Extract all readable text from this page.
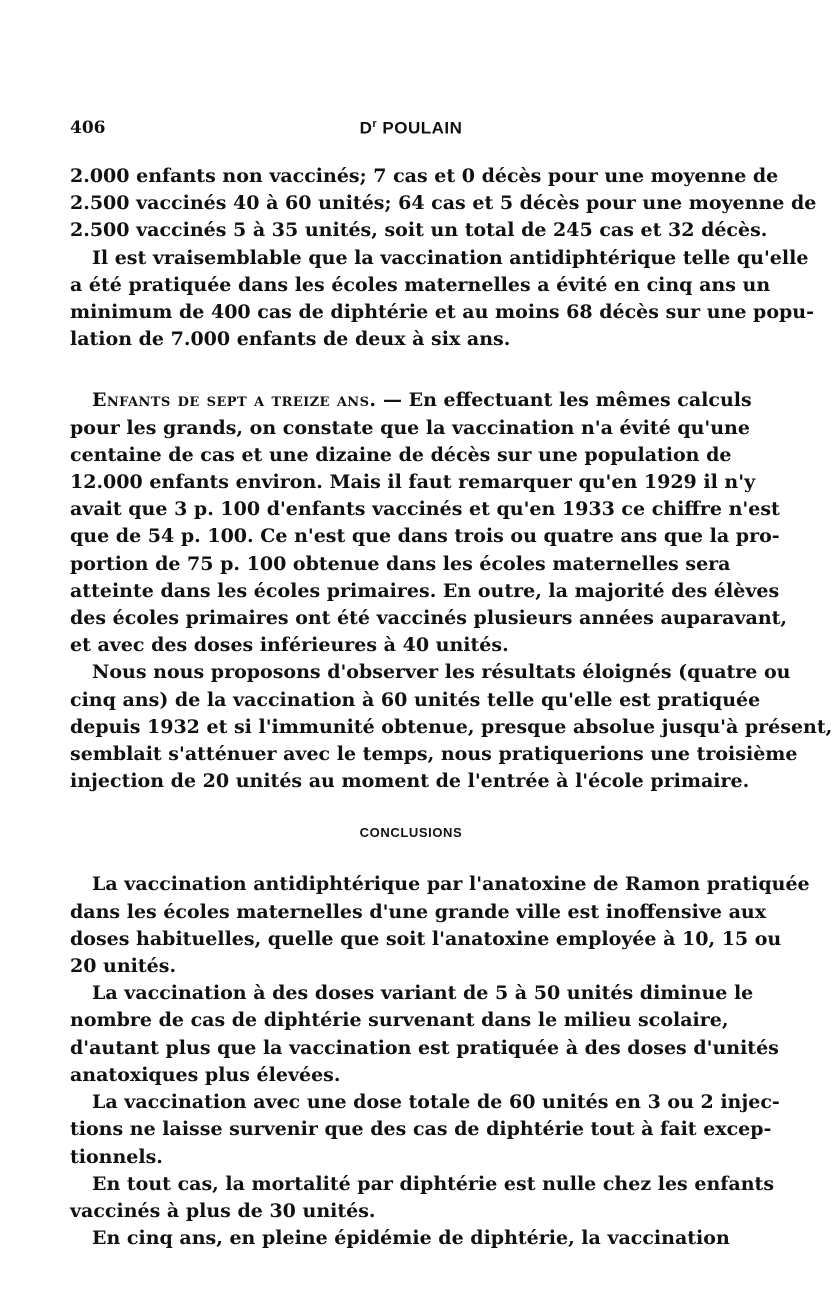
406	$D^r$ POULAIN

2.000 enfants non vaccinés; 7 cas et 0 décès pour une moyenne de
2.500 vaccinés 40 à 60 unités; 64 cas et 5 décès pour une moyenne de
2.500 vaccinés 5 à 35 unités, soit un total de 245 cas et 32 décès.

Il est vraisemblable que la vaccination antidiphtérique telle qu'elle
a été pratiquée dans les écoles maternelles a évité en cinq ans un
minimum de 400 cas de diphtérie et au moins 68 décès sur une popu-
lation de 7.000 enfants de deux à six ans.

Enfants de sept a treize ans. — En effectuant les mêmes calculs
pour les grands, on constate que la vaccination n'a évité qu'une
centaine de cas et une dizaine de décès sur une population de
12.000 enfants environ. Mais il faut remarquer qu'en 1929 il n'y
avait que 3 p. 100 d'enfants vaccinés et qu'en 1933 ce chiffre n'est
que de 54 p. 100. Ce n'est que dans trois ou quatre ans que la pro-
portion de 75 p. 100 obtenue dans les écoles maternelles sera
atteinte dans les écoles primaires. En outre, la majorité des élèves
des écoles primaires ont été vaccinés plusieurs années auparavant,
et avec des doses inférieures à 40 unités.

Nous nous proposons d'observer les résultats éloignés (quatre ou
cinq ans) de la vaccination à 60 unités telle qu'elle est pratiquée
depuis 1932 et si l'immunité obtenue, presque absolue jusqu'à présent,
semblait s'atténuer avec le temps, nous pratiquerions une troisième
injection de 20 unités au moment de l'entrée à l'école primaire.

CONCLUSIONS

La vaccination antidiphtérique par l'anatoxine de Ramon pratiquée
dans les écoles maternelles d'une grande ville est inoffensive aux
doses habituelles, quelle que soit l'anatoxine employée à 10, 15 ou
20 unités.

La vaccination à des doses variant de 5 à 50 unités diminue le
nombre de cas de diphtérie survenant dans le milieu scolaire,
d'autant plus que la vaccination est pratiquée à des doses d'unités
anatoxiques plus élevées.

La vaccination avec une dose totale de 60 unités en 3 ou 2 injec-
tions ne laisse survenir que des cas de diphtérie tout à fait excep-
tionnels.

En tout cas, la mortalité par diphtérie est nulle chez les enfants
vaccinés à plus de 30 unités.

En cinq ans, en pleine épidémie de diphtérie, la vaccination
